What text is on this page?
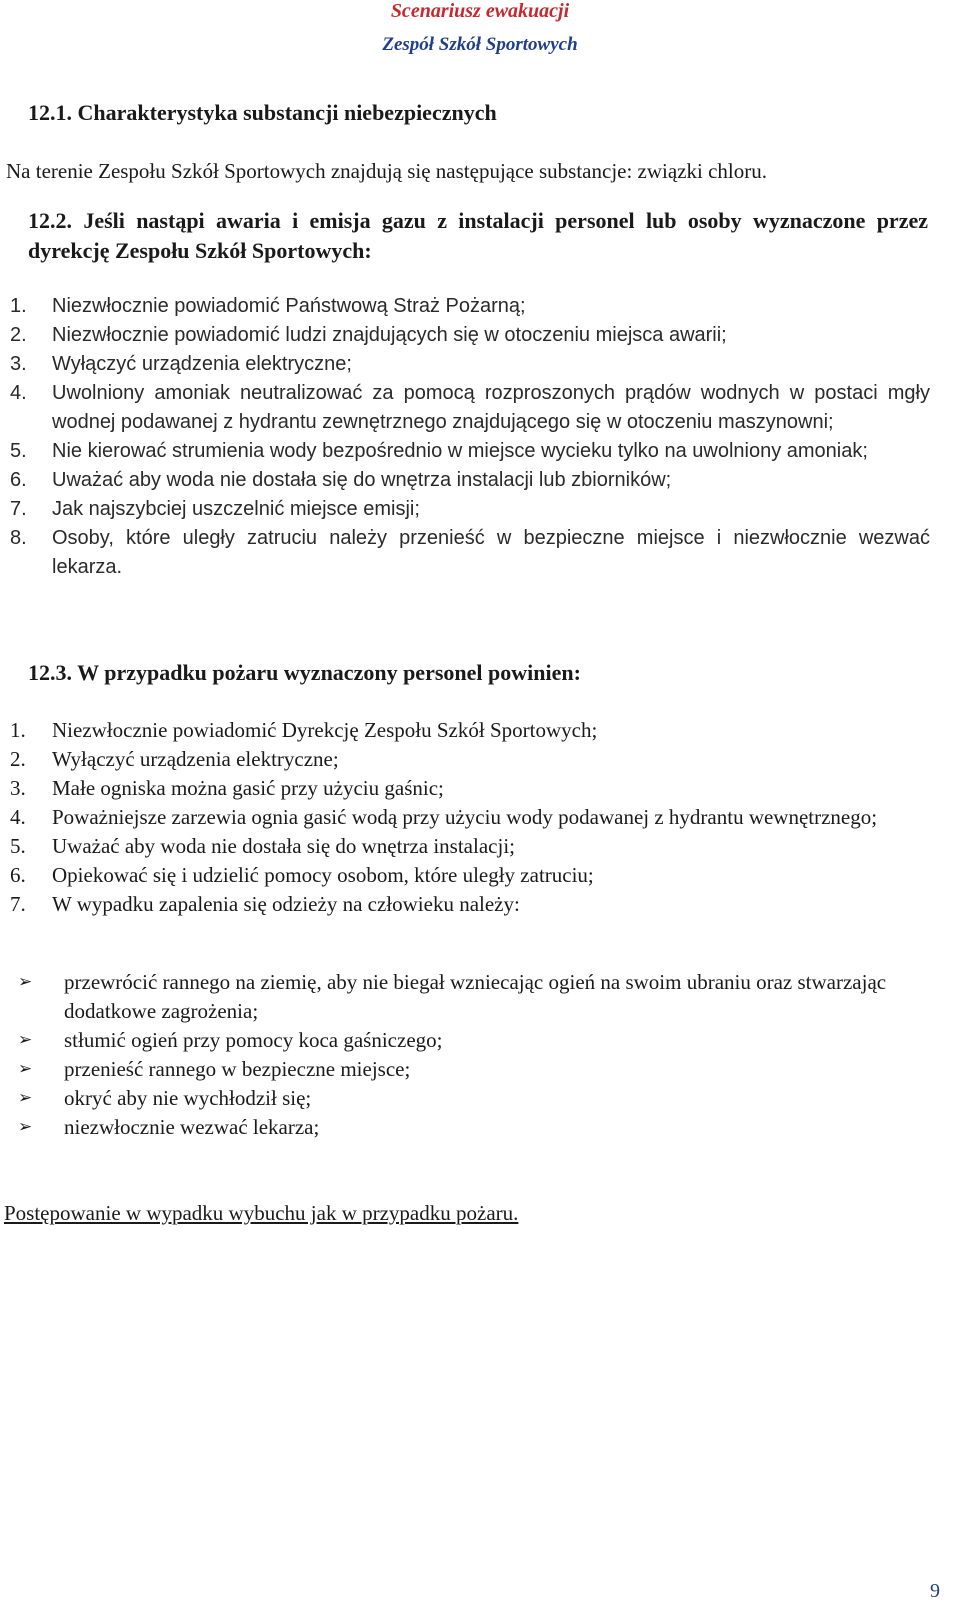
Scenariusz ewakuacji
Zespół Szkół Sportowych
12.1. Charakterystyka substancji niebezpiecznych
Na terenie Zespołu Szkół Sportowych znajdują się następujące substancje: związki chloru.
12.2. Jeśli nastąpi awaria i emisja gazu z instalacji personel lub osoby wyznaczone przez dyrekcję Zespołu Szkół Sportowych:
1. Niezwłocznie powiadomić Państwową Straż Pożarną;
2. Niezwłocznie powiadomić ludzi znajdujących się w otoczeniu miejsca awarii;
3. Wyłączyć urządzenia elektryczne;
4. Uwolniony amoniak neutralizować za pomocą rozproszonych prądów wodnych w postaci mgły wodnej podawanej z hydrantu zewnętrznego znajdującego się w otoczeniu maszynowni;
5. Nie kierować strumienia wody bezpośrednio w miejsce wycieku tylko na uwolniony amoniak;
6. Uważać aby woda nie dostała się do wnętrza instalacji lub zbiorników;
7. Jak najszybciej uszczelnić miejsce emisji;
8. Osoby, które uległy zatruciu należy przenieść w bezpieczne miejsce i niezwłocznie wezwać lekarza.
12.3. W przypadku pożaru wyznaczony personel powinien:
1. Niezwłocznie powiadomić Dyrekcję Zespołu Szkół Sportowych;
2. Wyłączyć urządzenia elektryczne;
3. Małe ogniska można gasić przy użyciu gaśnic;
4. Poważniejsze zarzewia ognia gasić wodą przy użyciu wody podawanej z hydrantu wewnętrznego;
5. Uważać aby woda nie dostała się do wnętrza instalacji;
6. Opiekować się i udzielić pomocy osobom, które uległy zatruciu;
7. W wypadku zapalenia się odzieży na człowieku należy:
➢ przewrócić rannego na ziemię, aby nie biegał wzniecając ogień na swoim ubraniu oraz stwarzając dodatkowe zagrożenia;
➢ stłumić ogień przy pomocy koca gaśniczego;
➢ przenieść rannego w bezpieczne miejsce;
➢ okryć aby nie wychłodził się;
➢ niezwłocznie wezwać lekarza;
Postępowanie w wypadku wybuchu jak w przypadku pożaru.
9
